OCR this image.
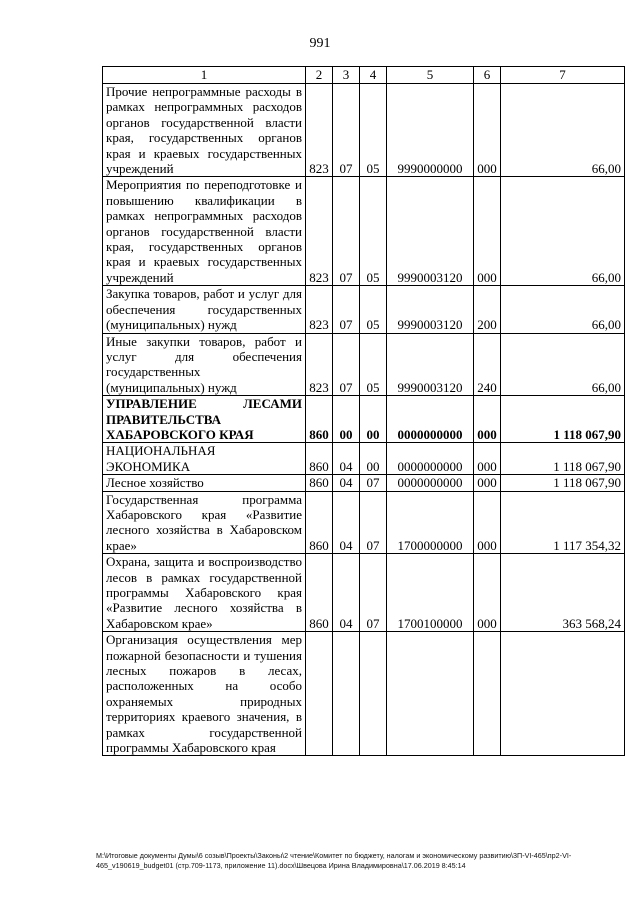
991
1	2	3	4	5	6	7
Прочие непрограммные расходы в рамках непрограммных расходов органов государственной власти края, государственных органов края и краевых государственных учреждений	823	07	05	9990000000	000	66,00
Мероприятия по переподготовке и повышению квалификации в рамках непрограммных расходов органов государственной власти края, государственных органов края и краевых государственных учреждений	823	07	05	9990003120	000	66,00
Закупка товаров, работ и услуг для обеспечения государственных (муниципальных) нужд	823	07	05	9990003120	200	66,00
Иные закупки товаров, работ и услуг для обеспечения государственных (муниципальных) нужд	823	07	05	9990003120	240	66,00
УПРАВЛЕНИЕ ЛЕСАМИ ПРАВИТЕЛЬСТВА ХАБАРОВСКОГО КРАЯ	860	00	00	0000000000	000	1 118 067,90
НАЦИОНАЛЬНАЯ ЭКОНОМИКА	860	04	00	0000000000	000	1 118 067,90
Лесное хозяйство	860	04	07	0000000000	000	1 118 067,90
Государственная программа Хабаровского края «Развитие лесного хозяйства в Хабаровском крае»	860	04	07	1700000000	000	1 117 354,32
Охрана, защита и воспроизводство лесов в рамках государственной программы Хабаровского края «Развитие лесного хозяйства в Хабаровском крае»	860	04	07	1700100000	000	363 568,24
Организация осуществления мер пожарной безопасности и тушения лесных пожаров в лесах, расположенных на особо охраняемых природных территориях краевого значения, в рамках государственной программы Хабаровского края						
М:\Итоговые документы Думы\6 созыв\Проекты\Законы\2 чтение\Комитет по бюджету, налогам и экономическому развитию\3П-VI-465\пр2-VI-465_v190619_budget01 (стр.709-1173, приложение 11).docx\Швецова Ирина Владимировна\17.06.2019 8:45:14
